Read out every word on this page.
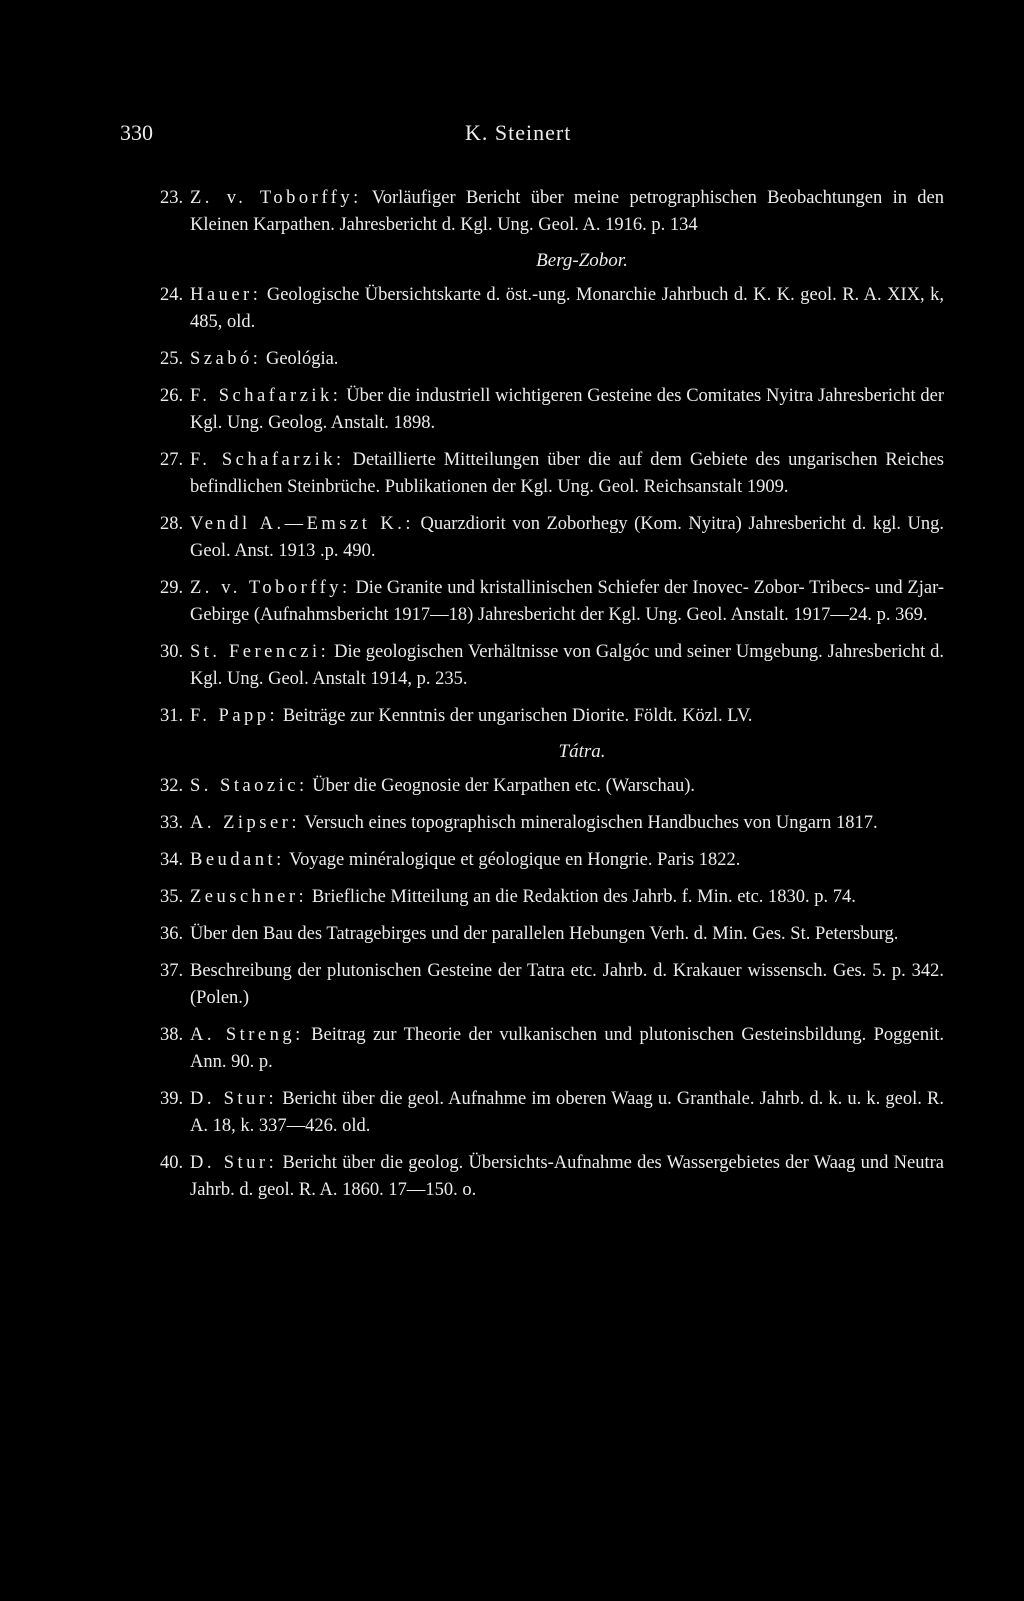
330	K. Steinert
23. Z. v. Toborffy: Vorläufiger Bericht über meine petrographischen Beobachtungen in den Kleinen Karpathen. Jahresbericht d. Kgl. Ung. Geol. A. 1916. p. 134
Berg-Zobor.
24. Hauer: Geologische Übersichtskarte d. öst.-ung. Monarchie Jahrbuch d. K. K. geol. R. A. XIX, k, 485, old.
25. Szabó: Geológia.
26. F. Schafarzik: Über die industriell wichtigeren Gesteine des Comitates Nyitra Jahresbericht der Kgl. Ung. Geolog. Anstalt. 1898.
27. F. Schafarzik: Detaillierte Mitteilungen über die auf dem Gebiete des ungarischen Reiches befindlichen Steinbrüche. Publikationen der Kgl. Ung. Geol. Reichsanstalt 1909.
28. Vendl A.—Emszt K.: Quarzdiorit von Zoborhegy (Kom. Nyitra) Jahresbericht d. kgl. Ung. Geol. Anst. 1913 .p. 490.
29. Z. v. Toborffy: Die Granite und kristallinischen Schiefer der Inovec- Zobor- Tribecs- und Zjar-Gebirge (Aufnahmsbericht 1917—18) Jahresbericht der Kgl. Ung. Geol. Anstalt. 1917—24. p. 369.
30. St. Ferenczi: Die geologischen Verhältnisse von Galgóc und seiner Umgebung. Jahresbericht d. Kgl. Ung. Geol. Anstalt 1914, p. 235.
31. F. Papp: Beiträge zur Kenntnis der ungarischen Diorite. Földt. Közl. LV.
Tátra.
32. S. Staozic: Über die Geognosie der Karpathen etc. (Warschau).
33. A. Zipser: Versuch eines topographisch mineralogischen Handbuches von Ungarn 1817.
34. Beudant: Voyage minéralogique et géologique en Hongrie. Paris 1822.
35. Zeuschner: Briefliche Mitteilung an die Redaktion des Jahrb. f. Min. etc. 1830. p. 74.
36. Über den Bau des Tatragebirges und der parallelen Hebungen Verh. d. Min. Ges. St. Petersburg.
37. Beschreibung der plutonischen Gesteine der Tatra etc. Jahrb. d. Krakauer wissensch. Ges. 5. p. 342. (Polen.)
38. A. Streng: Beitrag zur Theorie der vulkanischen und plutonischen Gesteinsbildung. Poggenit. Ann. 90. p.
39. D. Stur: Bericht über die geol. Aufnahme im oberen Waag u. Granthale. Jahrb. d. k. u. k. geol. R. A. 18, k. 337—426. old.
40. D. Stur: Bericht über die geolog. Übersichts-Aufnahme des Wassergebietes der Waag und Neutra Jahrb. d. geol. R. A. 1860. 17—150. o.
